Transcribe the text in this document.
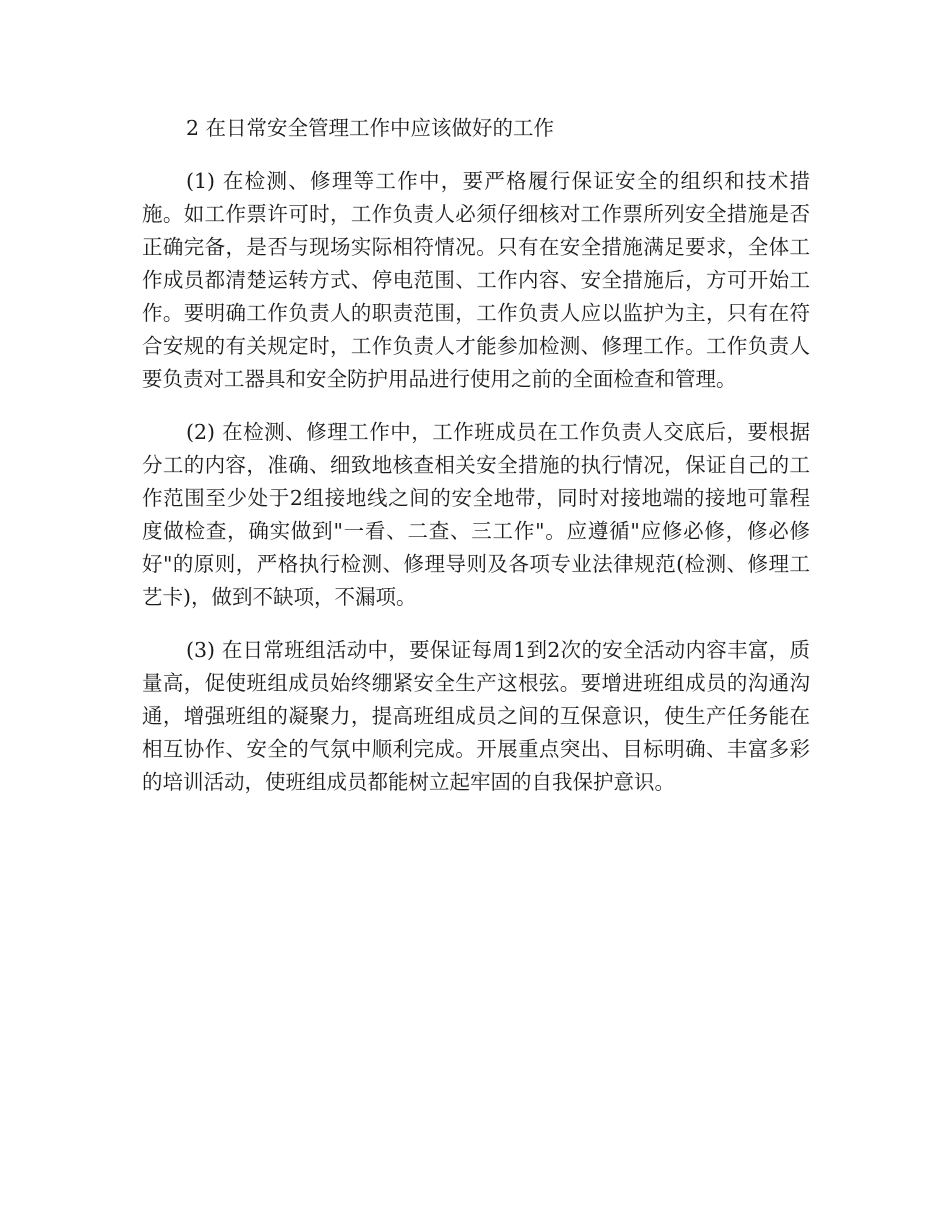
2 在日常安全管理工作中应该做好的工作

(1) 在检测、修理等工作中，要严格履行保证安全的组织和技术措施。如工作票许可时，工作负责人必须仔细核对工作票所列安全措施是否正确完备，是否与现场实际相符情况。只有在安全措施满足要求，全体工作成员都清楚运转方式、停电范围、工作内容、安全措施后，方可开始工作。要明确工作负责人的职责范围，工作负责人应以监护为主，只有在符合安规的有关规定时，工作负责人才能参加检测、修理工作。工作负责人要负责对工器具和安全防护用品进行使用之前的全面检查和管理。

(2) 在检测、修理工作中，工作班成员在工作负责人交底后，要根据分工的内容，准确、细致地核查相关安全措施的执行情况，保证自己的工作范围至少处于2组接地线之间的安全地带，同时对接地端的接地可靠程度做检查，确实做到"一看、二查、三工作"。应遵循"应修必修，修必修好"的原则，严格执行检测、修理导则及各项专业法律规范(检测、修理工艺卡)，做到不缺项，不漏项。

(3) 在日常班组活动中，要保证每周1到2次的安全活动内容丰富，质量高，促使班组成员始终绷紧安全生产这根弦。要增进班组成员的沟通沟通，增强班组的凝聚力，提高班组成员之间的互保意识，使生产任务能在相互协作、安全的气氛中顺利完成。开展重点突出、目标明确、丰富多彩的培训活动，使班组成员都能树立起牢固的自我保护意识。
